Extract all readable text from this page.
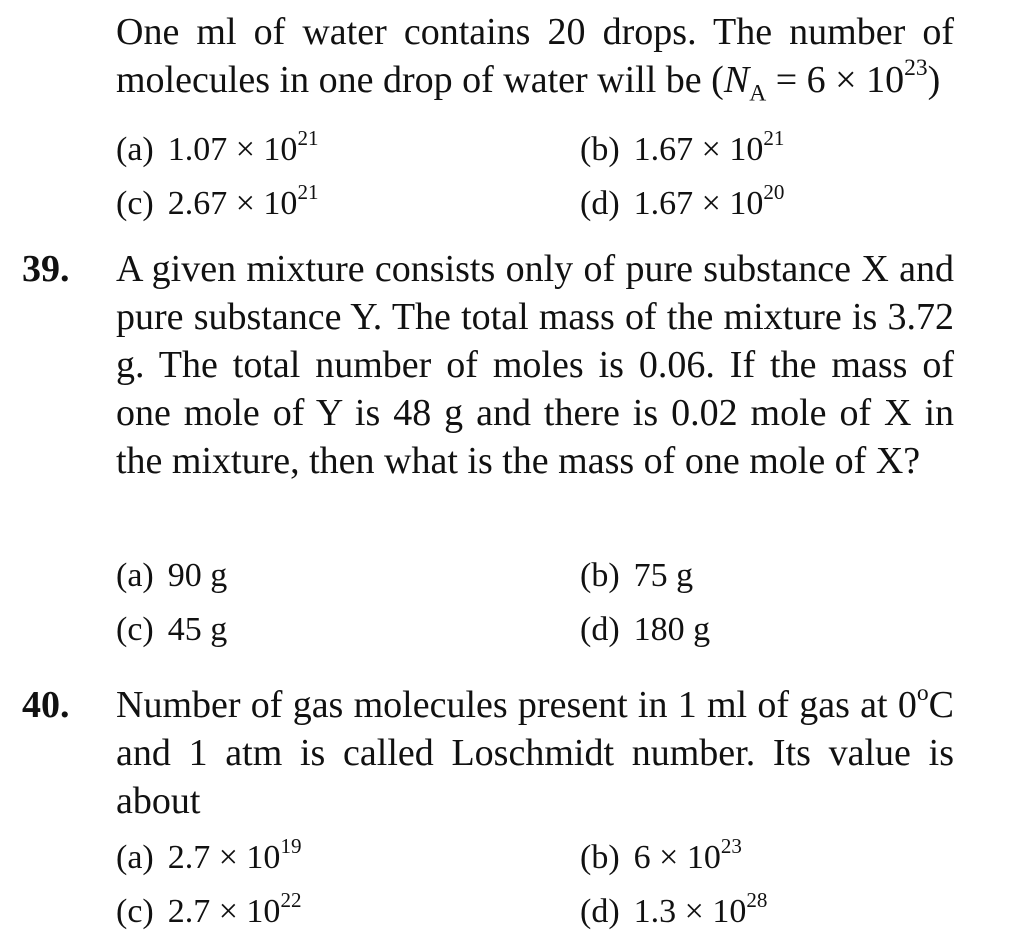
One ml of water contains 20 drops. The number of molecules in one drop of water will be $(N_A = 6 \times 10^{23})$
(a) $1.07 \times 10^{21}$	(b) $1.67 \times 10^{21}$
(c) $2.67 \times 10^{21}$	(d) $1.67 \times 10^{20}$
39. A given mixture consists only of pure substance X and pure substance Y. The total mass of the mixture is 3.72 g. The total number of moles is 0.06. If the mass of one mole of Y is 48 g and there is 0.02 mole of X in the mixture, then what is the mass of one mole of X?
(a) 90 g	(b) 75 g
(c) 45 g	(d) 180 g
40. Number of gas molecules present in 1 ml of gas at 0$^o$C and 1 atm is called Loschmidt number. Its value is about
(a) $2.7 \times 10^{19}$	(b) $6 \times 10^{23}$
(c) $2.7 \times 10^{22}$	(d) $1.3 \times 10^{28}$
